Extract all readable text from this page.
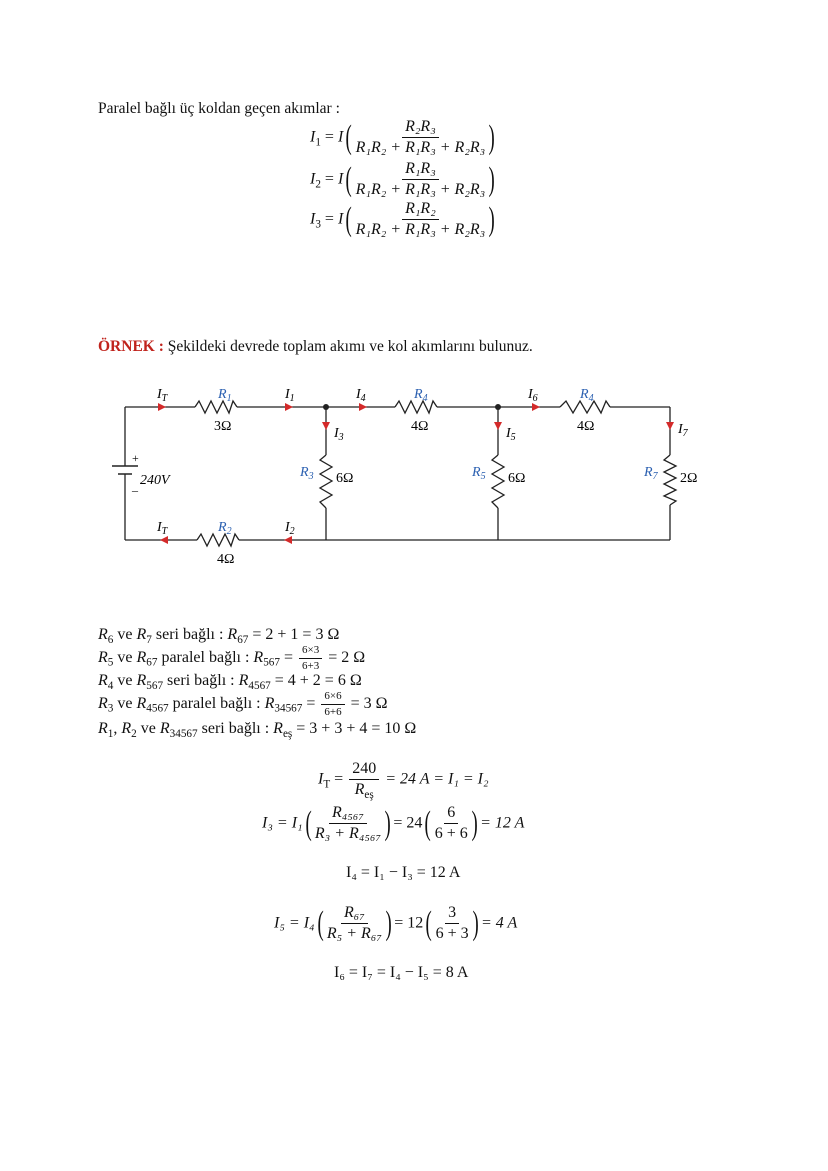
Paralel bağlı üç koldan geçen akımlar :
$I_1 = I$ ( $\frac{\text{R₂R₃}}{\text{R₁R₂ + R₁R₃ + R₂R₃}}$ )
$I_2 = I$ ( $\frac{\text{R₁R₃}}{\text{R₁R₂ + R₁R₃ + R₂R₃}}$ )
$I_3 = I$ ( $\frac{\text{R₁R₂}}{\text{R₁R₂ + R₁R₃ + R₂R₃}}$ )
ÖRNEK : Şekildeki devrede toplam akımı ve kol akımlarını bulunuz.
$I_T$	$R_1$
3Ω
$I_1$	$I_4$	$R_4$
4Ω
$I_6$	$R_4$
4Ω
$I_3$	$I_5$
$I_7$
$R_3$ 6Ω	$R_5$ 6Ω	$R_7$ 2Ω
+
240V
_
$I_T$	$R_2$
4Ω
$I_2$
$R_6$ ve $R_7$ seri bağlı : $R_{67} = 2 + 1 = 3$ Ω
$R_5$ ve $R_{67}$ paralel bağlı : $R_{567} = \frac{6\times 3}{6+3} = 2$ Ω
$R_4$ ve $R_{567}$ seri bağlı : $R_{4567} = 4 + 2 = 6$ Ω
$R_3$ ve $R_{4567}$ paralel bağlı : $R_{34567} = \frac{6\times 6}{6+6} = 3$ Ω
$R_1$, $R_2$ ve $R_{34567}$ seri bağlı : $R_{eş} = 3 + 3 + 4 = 10$ Ω
$I_T = \frac{240}{R_{eş}} = 24$ A = I₁ = I₂
I₃ = I₁ ( $\frac{\text{R₄₅₆₇}}{\text{R₃ + R₄₅₆₇}}$ ) = 24 ( $\frac{6}{6 + 6}$ ) = 12 A
I₄ = I₁ − I₃ = 12 A
I₅ = I₄ ( $\frac{\text{R₆₇}}{\text{R₅ + R₆₇}}$ ) = 12 ( $\frac{3}{6 + 3}$ ) = 4 A
I₆ = I₇ = I₄ − I₅ = 8 A
